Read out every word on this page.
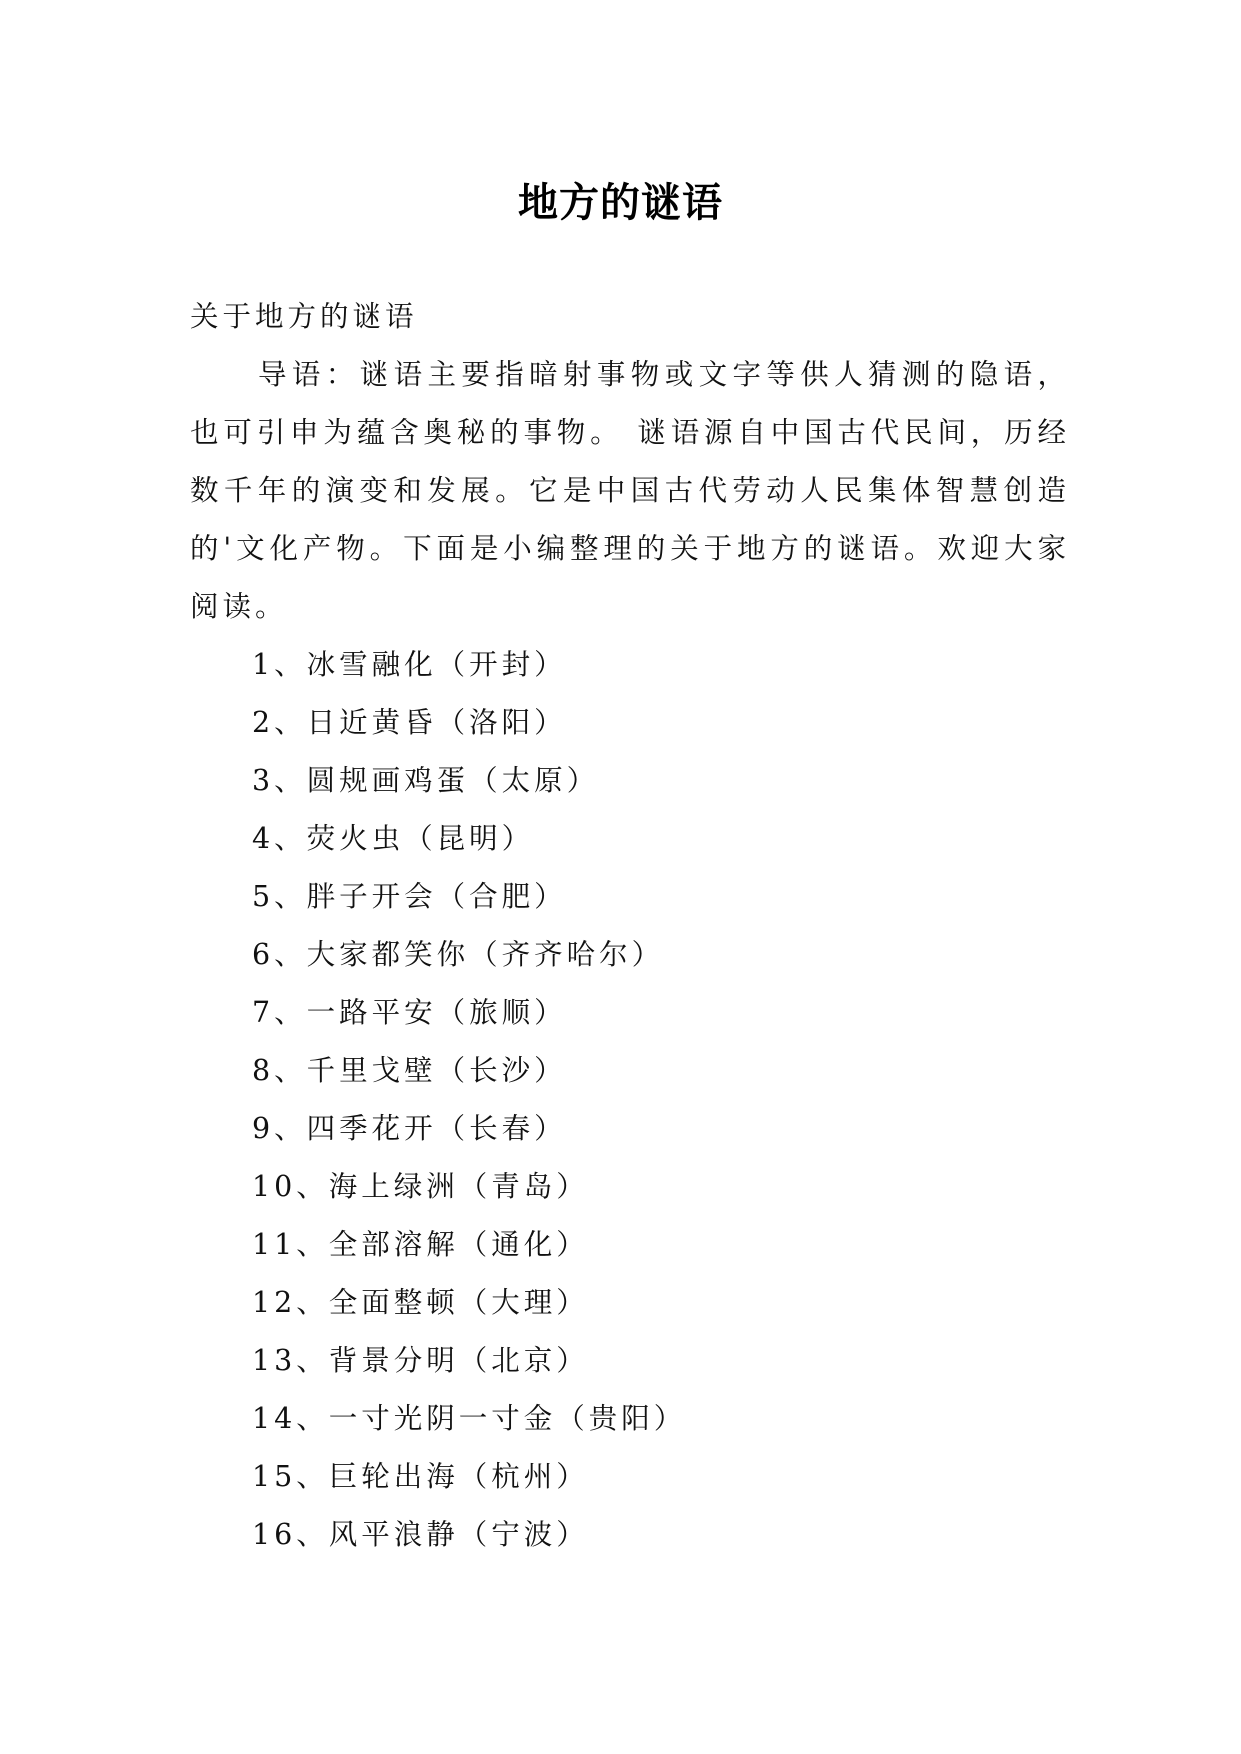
地方的谜语

关于地方的谜语

导语：谜语主要指暗射事物或文字等供人猜测的隐语，也可引申为蕴含奥秘的事物。 谜语源自中国古代民间，历经数千年的演变和发展。它是中国古代劳动人民集体智慧创造的'文化产物。下面是小编整理的关于地方的谜语。欢迎大家阅读。

1、冰雪融化（开封）
2、日近黄昏（洛阳）
3、圆规画鸡蛋（太原）
4、荧火虫（昆明）
5、胖子开会（合肥）
6、大家都笑你（齐齐哈尔）
7、一路平安（旅顺）
8、千里戈壁（长沙）
9、四季花开（长春）
10、海上绿洲（青岛）
11、全部溶解（通化）
12、全面整顿（大理）
13、背景分明（北京）
14、一寸光阴一寸金（贵阳）
15、巨轮出海（杭州）
16、风平浪静（宁波）
